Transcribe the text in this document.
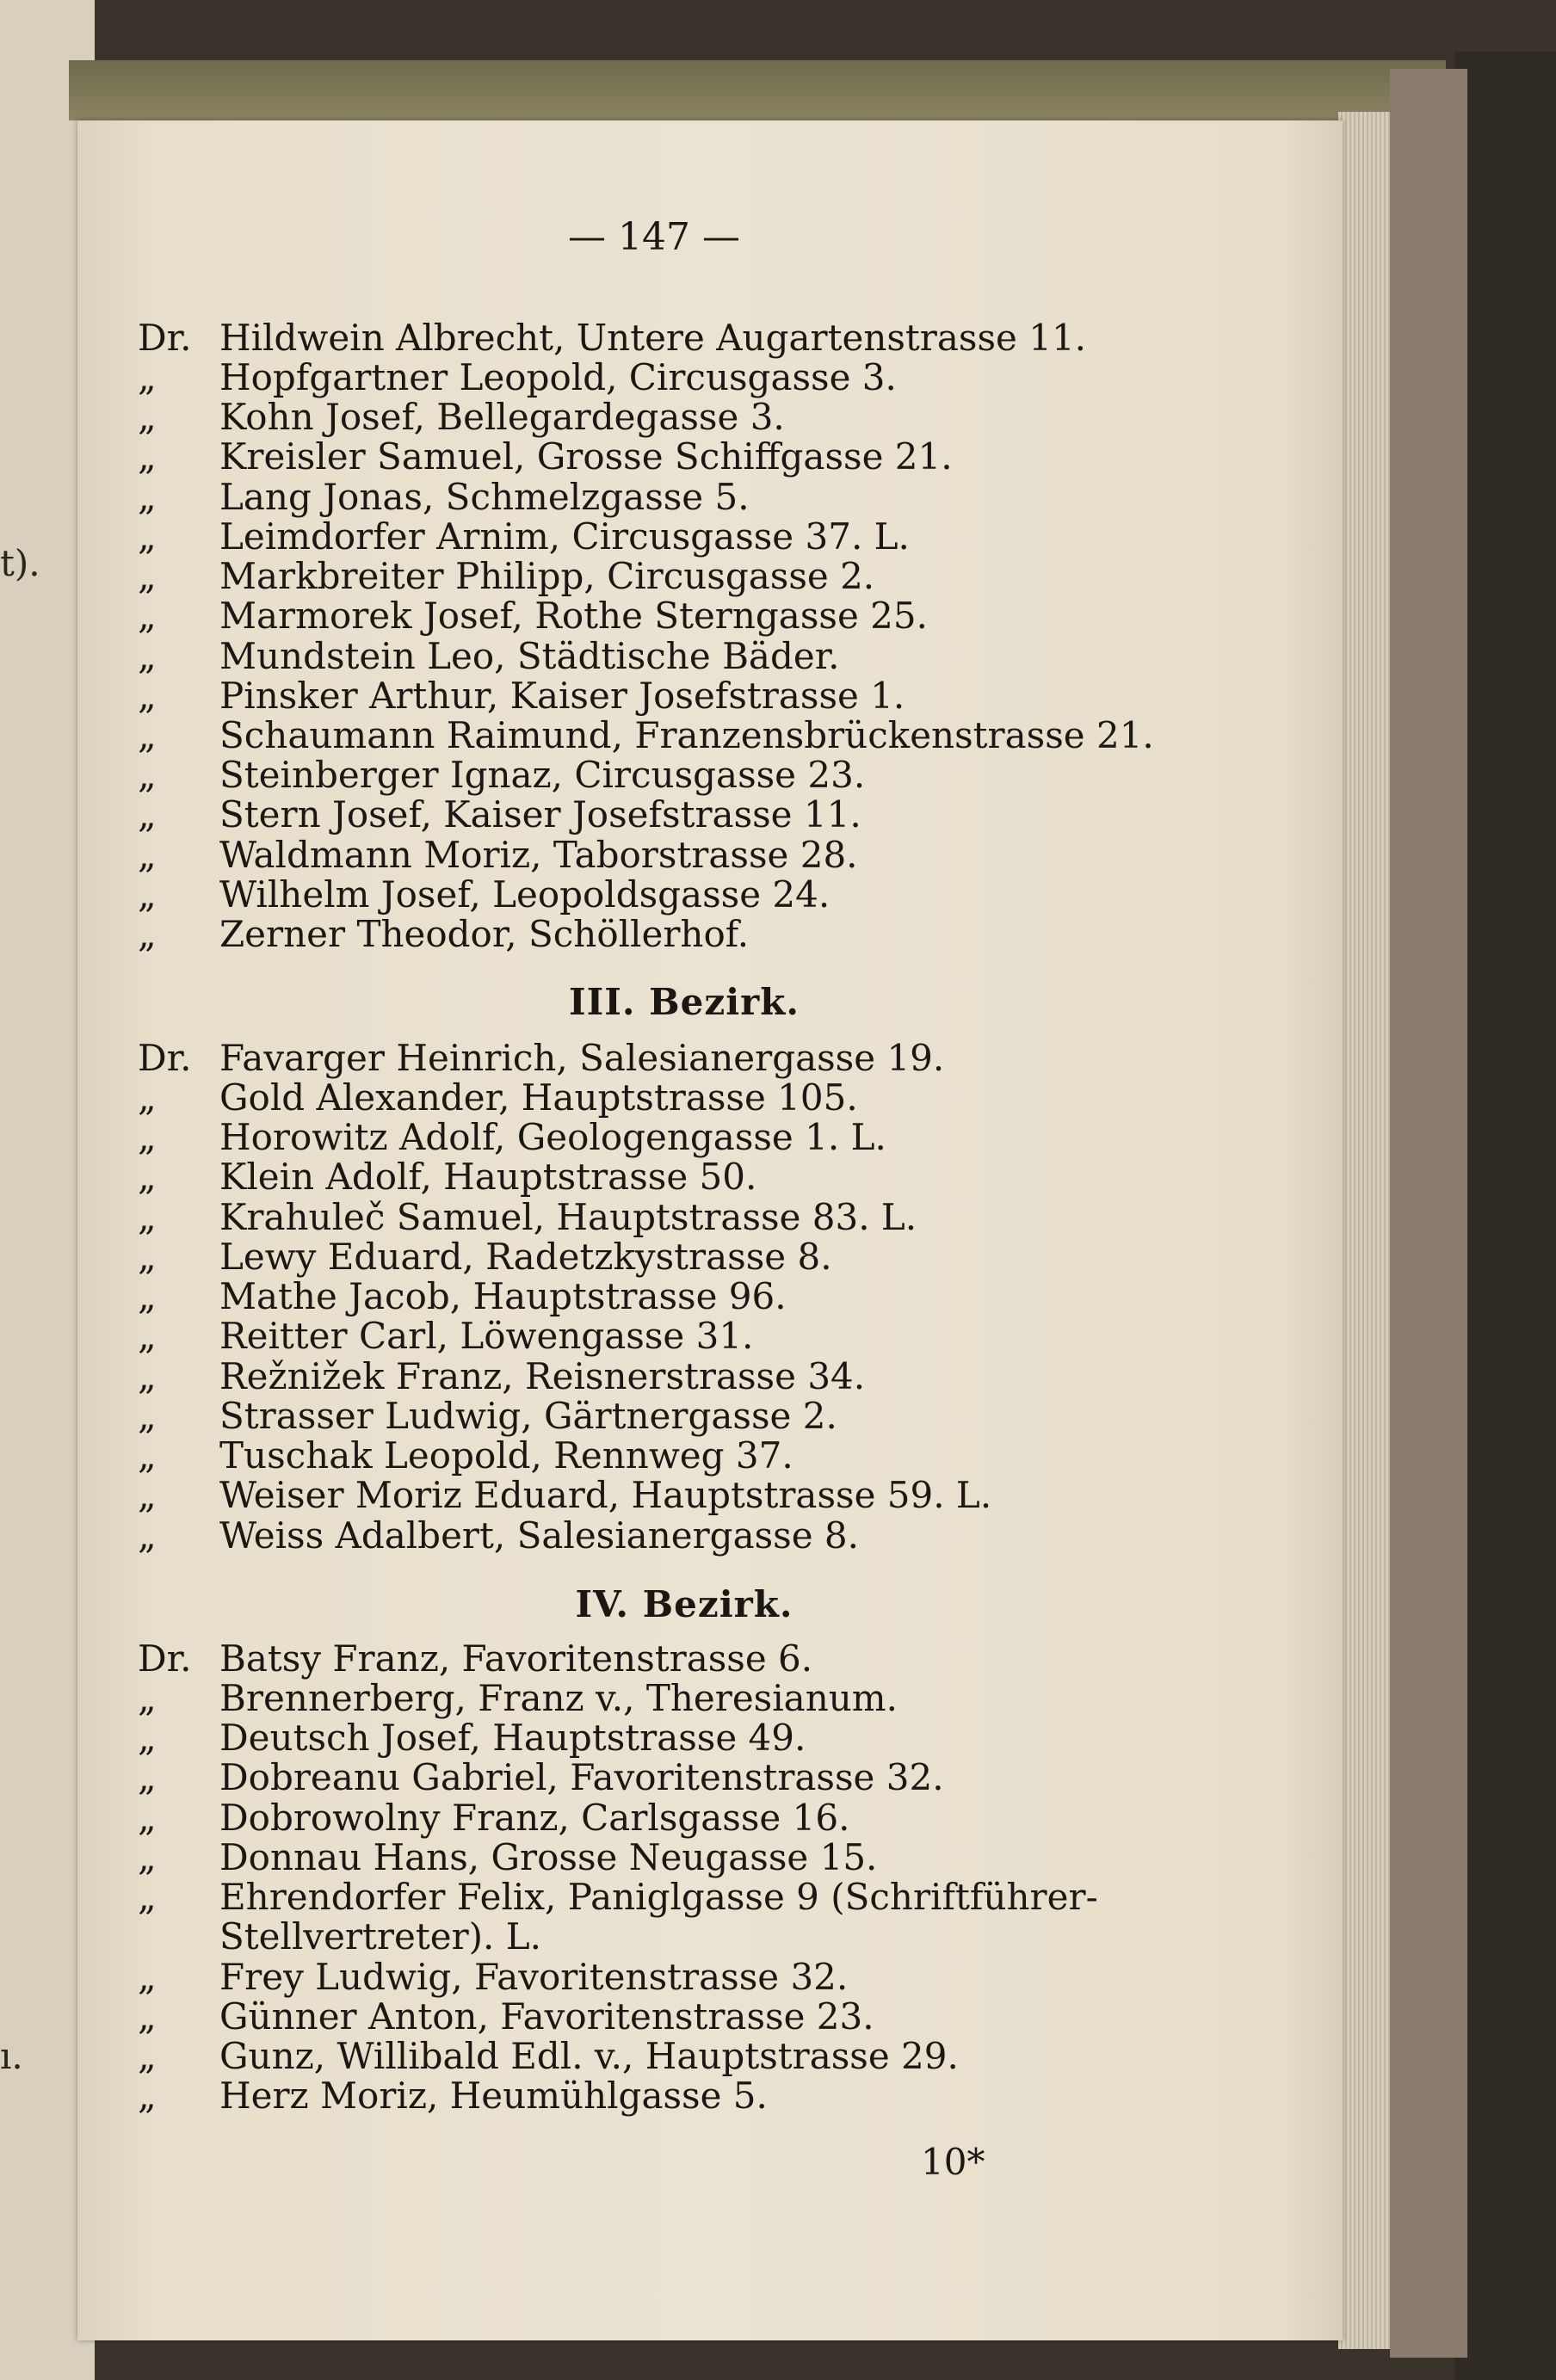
t).
ı.
— 147 —
Dr. Hildwein Albrecht, Untere Augartenstrasse 11.
„ Hopfgartner Leopold, Circusgasse 3.
„ Kohn Josef, Bellegardegasse 3.
„ Kreisler Samuel, Grosse Schiffgasse 21.
„ Lang Jonas, Schmelzgasse 5.
„ Leimdorfer Arnim, Circusgasse 37. L.
„ Markbreiter Philipp, Circusgasse 2.
„ Marmorek Josef, Rothe Sterngasse 25.
„ Mundstein Leo, Städtische Bäder.
„ Pinsker Arthur, Kaiser Josefstrasse 1.
„ Schaumann Raimund, Franzensbrückenstrasse 21.
„ Steinberger Ignaz, Circusgasse 23.
„ Stern Josef, Kaiser Josefstrasse 11.
„ Waldmann Moriz, Taborstrasse 28.
„ Wilhelm Josef, Leopoldsgasse 24.
„ Zerner Theodor, Schöllerhof.
III. Bezirk.
Dr. Favarger Heinrich, Salesianergasse 19.
„ Gold Alexander, Hauptstrasse 105.
„ Horowitz Adolf, Geologengasse 1. L.
„ Klein Adolf, Hauptstrasse 50.
„ Krahuleč Samuel, Hauptstrasse 83. L.
„ Lewy Eduard, Radetzkystrasse 8.
„ Mathe Jacob, Hauptstrasse 96.
„ Reitter Carl, Löwengasse 31.
„ Režnižek Franz, Reisnerstrasse 34.
„ Strasser Ludwig, Gärtnergasse 2.
„ Tuschak Leopold, Rennweg 37.
„ Weiser Moriz Eduard, Hauptstrasse 59. L.
„ Weiss Adalbert, Salesianergasse 8.
IV. Bezirk.
Dr. Batsy Franz, Favoritenstrasse 6.
„ Brennerberg, Franz v., Theresianum.
„ Deutsch Josef, Hauptstrasse 49.
„ Dobreanu Gabriel, Favoritenstrasse 32.
„ Dobrowolny Franz, Carlsgasse 16.
„ Donnau Hans, Grosse Neugasse 15.
„ Ehrendorfer Felix, Paniglgasse 9 (Schriftführer-
Stellvertreter). L.
„ Frey Ludwig, Favoritenstrasse 32.
„ Günner Anton, Favoritenstrasse 23.
„ Gunz, Willibald Edl. v., Hauptstrasse 29.
„ Herz Moriz, Heumühlgasse 5.
10*
